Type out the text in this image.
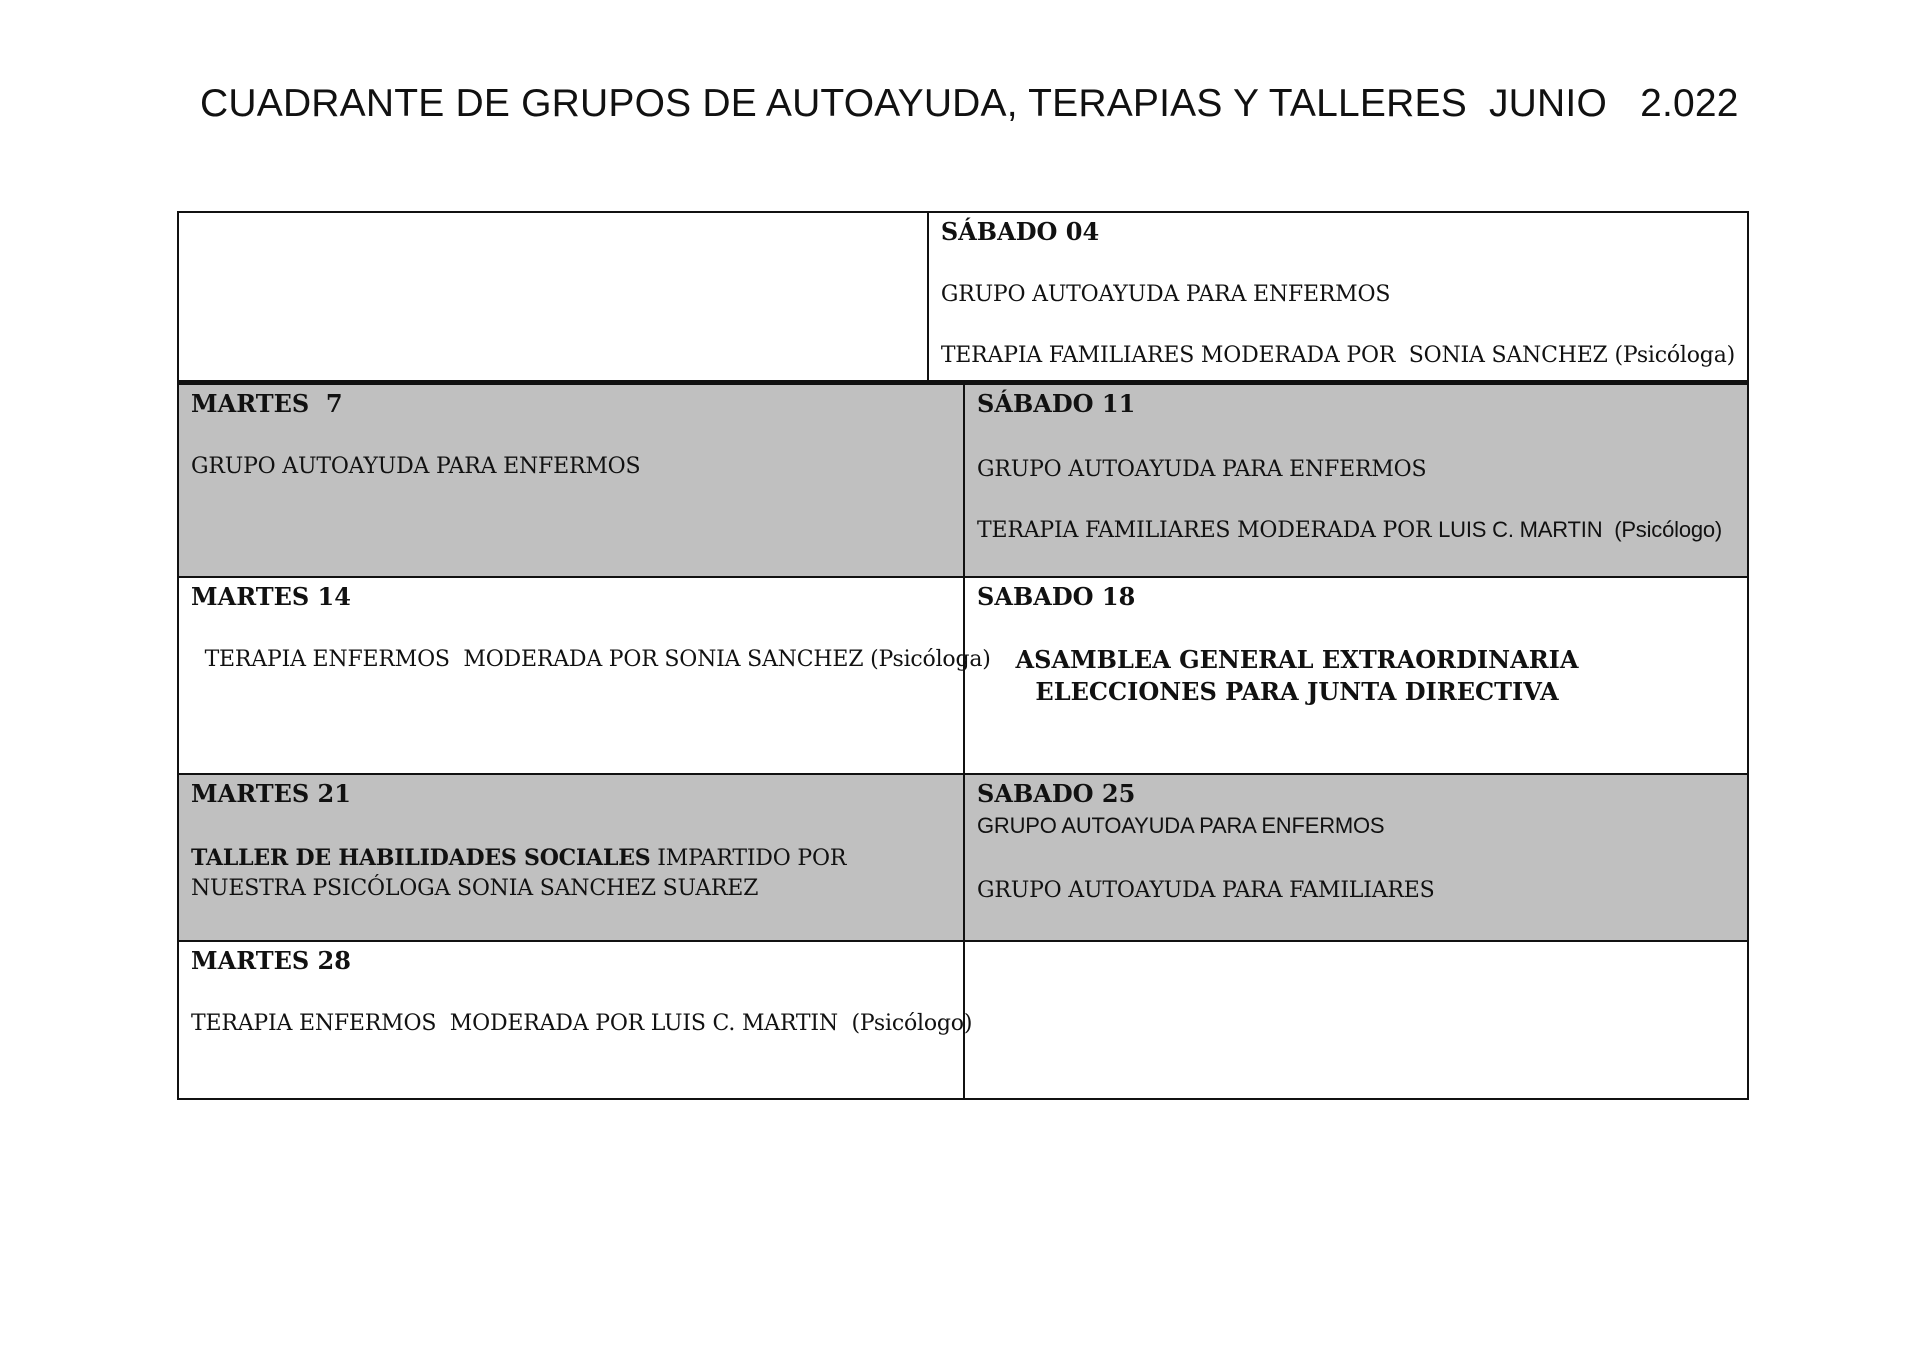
CUADRANTE DE GRUPOS DE AUTOAYUDA, TERAPIAS Y TALLERES  JUNIO   2.022
SÁBADO 04
GRUPO AUTOAYUDA PARA ENFERMOS
TERAPIA FAMILIARES MODERADA POR  SONIA SANCHEZ (Psicóloga)
MARTES  7
GRUPO AUTOAYUDA PARA ENFERMOS
SÁBADO 11
GRUPO AUTOAYUDA PARA ENFERMOS
TERAPIA FAMILIARES MODERADA POR LUIS C. MARTIN  (Psicólogo)
MARTES 14
TERAPIA ENFERMOS  MODERADA POR SONIA SANCHEZ (Psicóloga)
SABADO 18
ASAMBLEA GENERAL EXTRAORDINARIA
ELECCIONES PARA JUNTA DIRECTIVA
MARTES 21
TALLER DE HABILIDADES SOCIALES IMPARTIDO POR
NUESTRA PSICÓLOGA SONIA SANCHEZ SUAREZ
SABADO 25
GRUPO AUTOAYUDA PARA ENFERMOS
GRUPO AUTOAYUDA PARA FAMILIARES
MARTES 28
TERAPIA ENFERMOS  MODERADA POR LUIS C. MARTIN  (Psicólogo)
